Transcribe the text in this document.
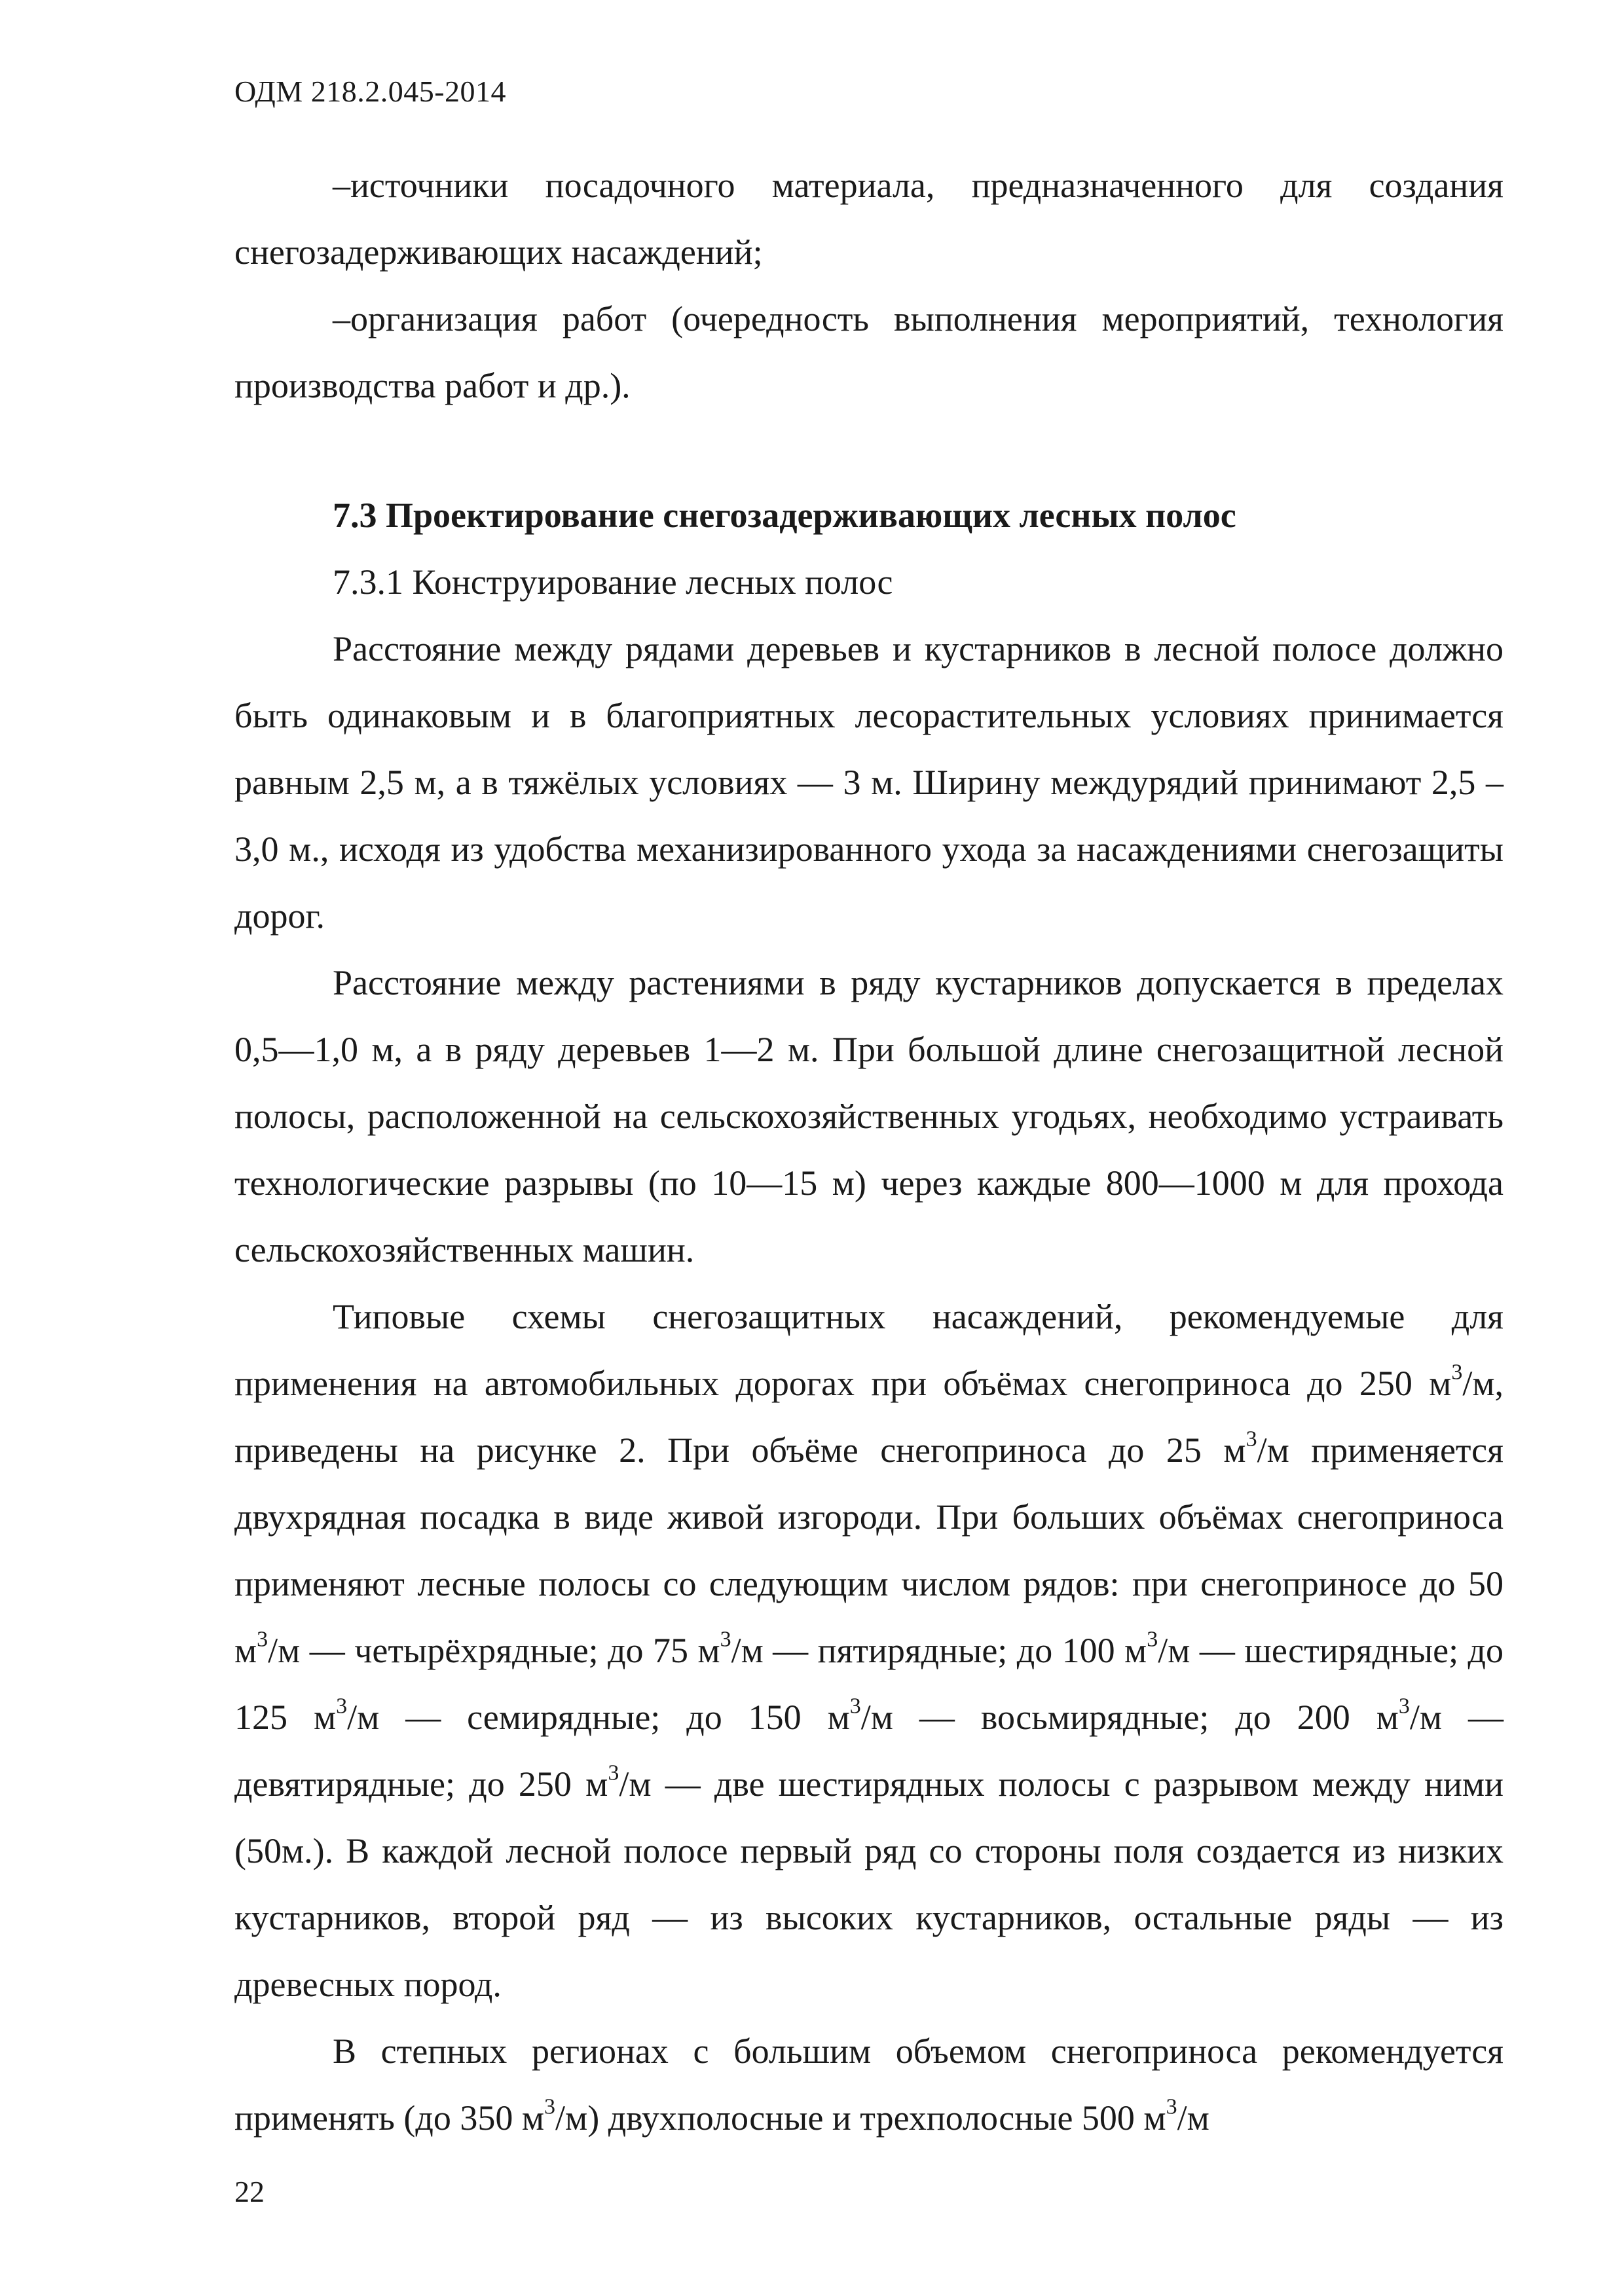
ОДМ 218.2.045-2014

–источники посадочного материала, предназначенного для создания снегозадерживающих насаждений;

–организация работ (очередность выполнения мероприятий, технология производства работ и др.).

7.3 Проектирование снегозадерживающих лесных полос

7.3.1 Конструирование лесных полос

Расстояние между рядами деревьев и кустарников в лесной полосе должно быть одинаковым и в благоприятных лесорастительных условиях принимается равным 2,5 м, а в тяжёлых условиях — 3 м. Ширину междурядий принимают 2,5 – 3,0 м., исходя из удобства механизированного ухода за насаждениями снегозащиты дорог.

Расстояние между растениями в ряду кустарников допускается в пределах 0,5—1,0 м, а в ряду деревьев 1—2 м. При большой длине снегозащитной лесной полосы, расположенной на сельскохозяйственных угодьях, необходимо устраивать технологические разрывы (по 10—15 м) через каждые 800—1000 м для прохода сельскохозяйственных машин.

Типовые схемы снегозащитных насаждений, рекомендуемые для применения на автомобильных дорогах при объёмах снегоприноса до 250 $м^3/м$, приведены на рисунке 2. При объёме снегоприноса до 25 $м^3/м$ применяется двухрядная посадка в виде живой изгороди. При больших объёмах снегоприноса применяют лесные полосы со следующим числом рядов: при снегоприносе до 50 $м^3/м$ — четырёхрядные; до 75 $м^3/м$ — пятирядные; до 100 $м^3/м$ — шестирядные; до 125 $м^3/м$ — семирядные; до 150 $м^3/м$ — восьмирядные; до 200 $м^3/м$ — девятирядные; до 250 $м^3/м$ — две шестирядных полосы с разрывом между ними (50м.). В каждой лесной полосе первый ряд со стороны поля создается из низких кустарников, второй ряд — из высоких кустарников, остальные ряды — из древесных пород.

В степных регионах с большим объемом снегоприноса рекомендуется применять (до 350 $м^3/м$) двухполосные и трехполосные 500 $м^3/м$

22
